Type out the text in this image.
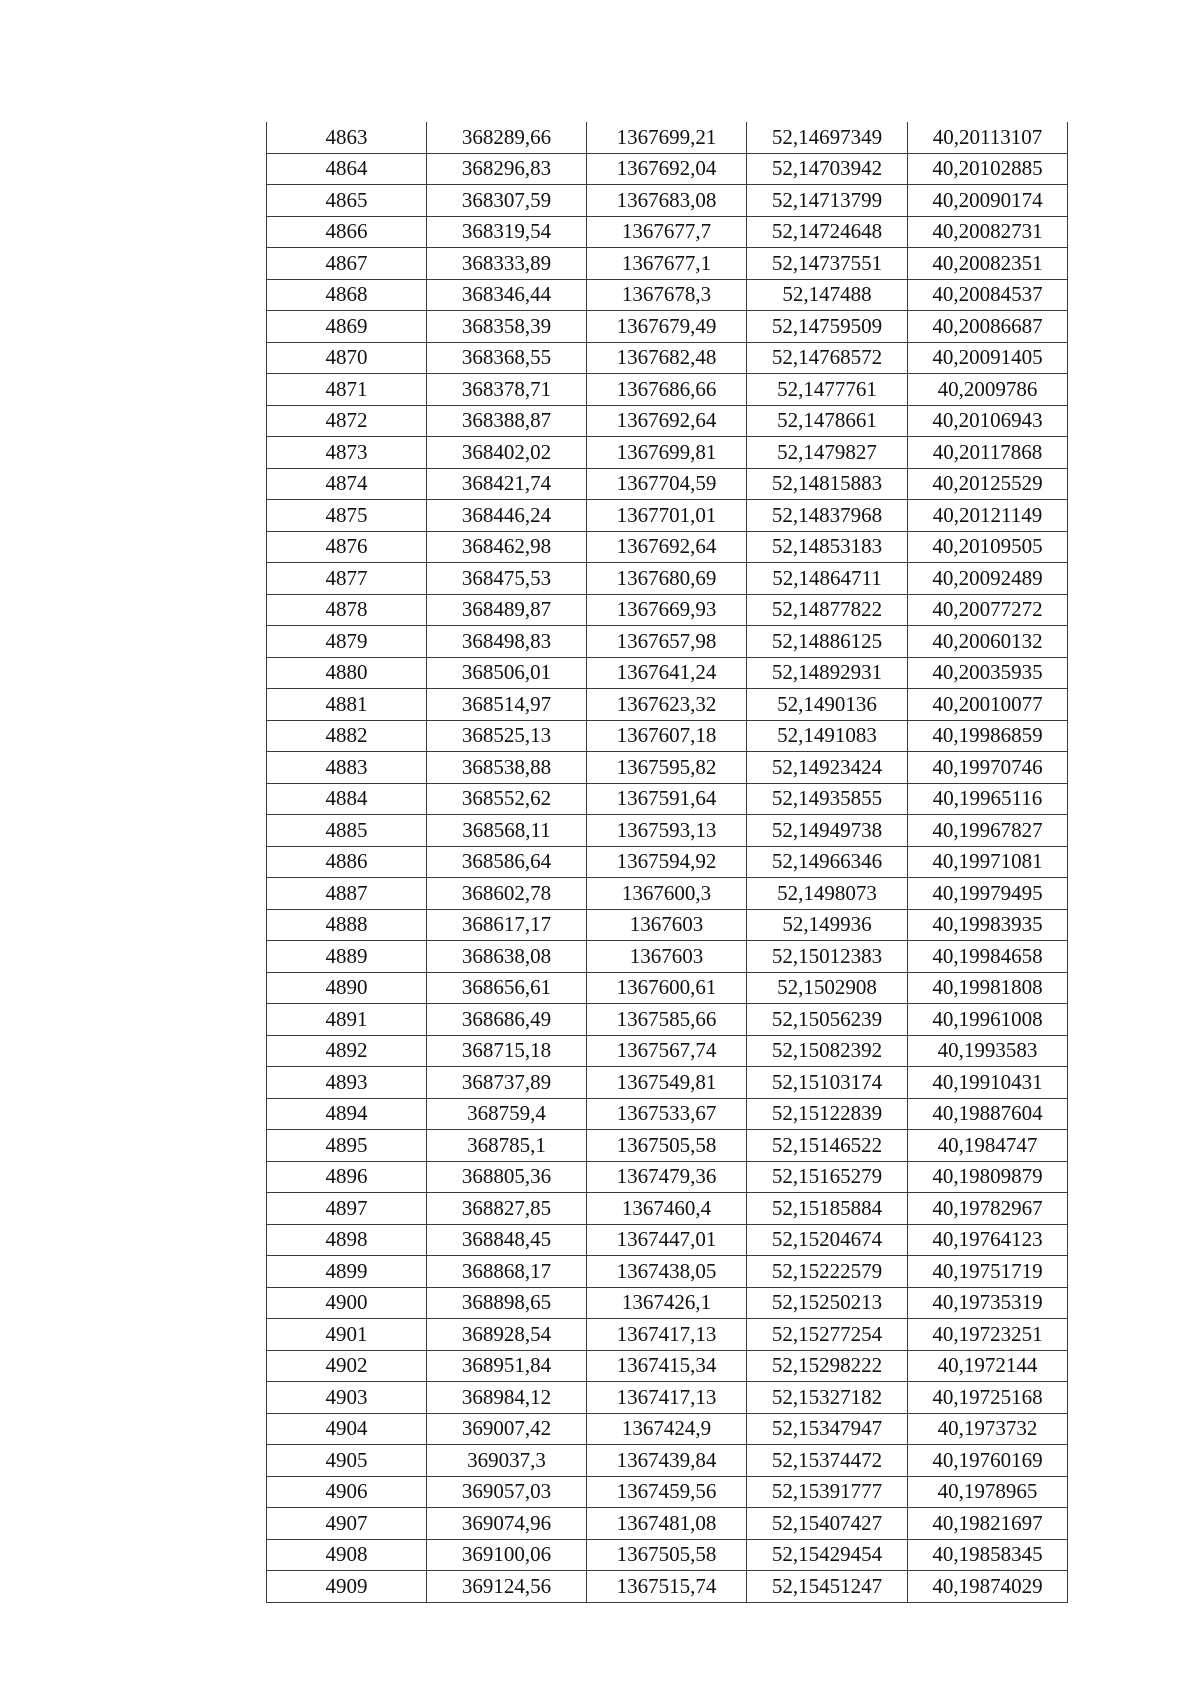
4863	368289,66	1367699,21	52,14697349	40,20113107
4864	368296,83	1367692,04	52,14703942	40,20102885
4865	368307,59	1367683,08	52,14713799	40,20090174
4866	368319,54	1367677,7	52,14724648	40,20082731
4867	368333,89	1367677,1	52,14737551	40,20082351
4868	368346,44	1367678,3	52,147488	40,20084537
4869	368358,39	1367679,49	52,14759509	40,20086687
4870	368368,55	1367682,48	52,14768572	40,20091405
4871	368378,71	1367686,66	52,1477761	40,2009786
4872	368388,87	1367692,64	52,1478661	40,20106943
4873	368402,02	1367699,81	52,1479827	40,20117868
4874	368421,74	1367704,59	52,14815883	40,20125529
4875	368446,24	1367701,01	52,14837968	40,20121149
4876	368462,98	1367692,64	52,14853183	40,20109505
4877	368475,53	1367680,69	52,14864711	40,20092489
4878	368489,87	1367669,93	52,14877822	40,20077272
4879	368498,83	1367657,98	52,14886125	40,20060132
4880	368506,01	1367641,24	52,14892931	40,20035935
4881	368514,97	1367623,32	52,1490136	40,20010077
4882	368525,13	1367607,18	52,1491083	40,19986859
4883	368538,88	1367595,82	52,14923424	40,19970746
4884	368552,62	1367591,64	52,14935855	40,19965116
4885	368568,11	1367593,13	52,14949738	40,19967827
4886	368586,64	1367594,92	52,14966346	40,19971081
4887	368602,78	1367600,3	52,1498073	40,19979495
4888	368617,17	1367603	52,149936	40,19983935
4889	368638,08	1367603	52,15012383	40,19984658
4890	368656,61	1367600,61	52,1502908	40,19981808
4891	368686,49	1367585,66	52,15056239	40,19961008
4892	368715,18	1367567,74	52,15082392	40,1993583
4893	368737,89	1367549,81	52,15103174	40,19910431
4894	368759,4	1367533,67	52,15122839	40,19887604
4895	368785,1	1367505,58	52,15146522	40,1984747
4896	368805,36	1367479,36	52,15165279	40,19809879
4897	368827,85	1367460,4	52,15185884	40,19782967
4898	368848,45	1367447,01	52,15204674	40,19764123
4899	368868,17	1367438,05	52,15222579	40,19751719
4900	368898,65	1367426,1	52,15250213	40,19735319
4901	368928,54	1367417,13	52,15277254	40,19723251
4902	368951,84	1367415,34	52,15298222	40,1972144
4903	368984,12	1367417,13	52,15327182	40,19725168
4904	369007,42	1367424,9	52,15347947	40,1973732
4905	369037,3	1367439,84	52,15374472	40,19760169
4906	369057,03	1367459,56	52,15391777	40,1978965
4907	369074,96	1367481,08	52,15407427	40,19821697
4908	369100,06	1367505,58	52,15429454	40,19858345
4909	369124,56	1367515,74	52,15451247	40,19874029
